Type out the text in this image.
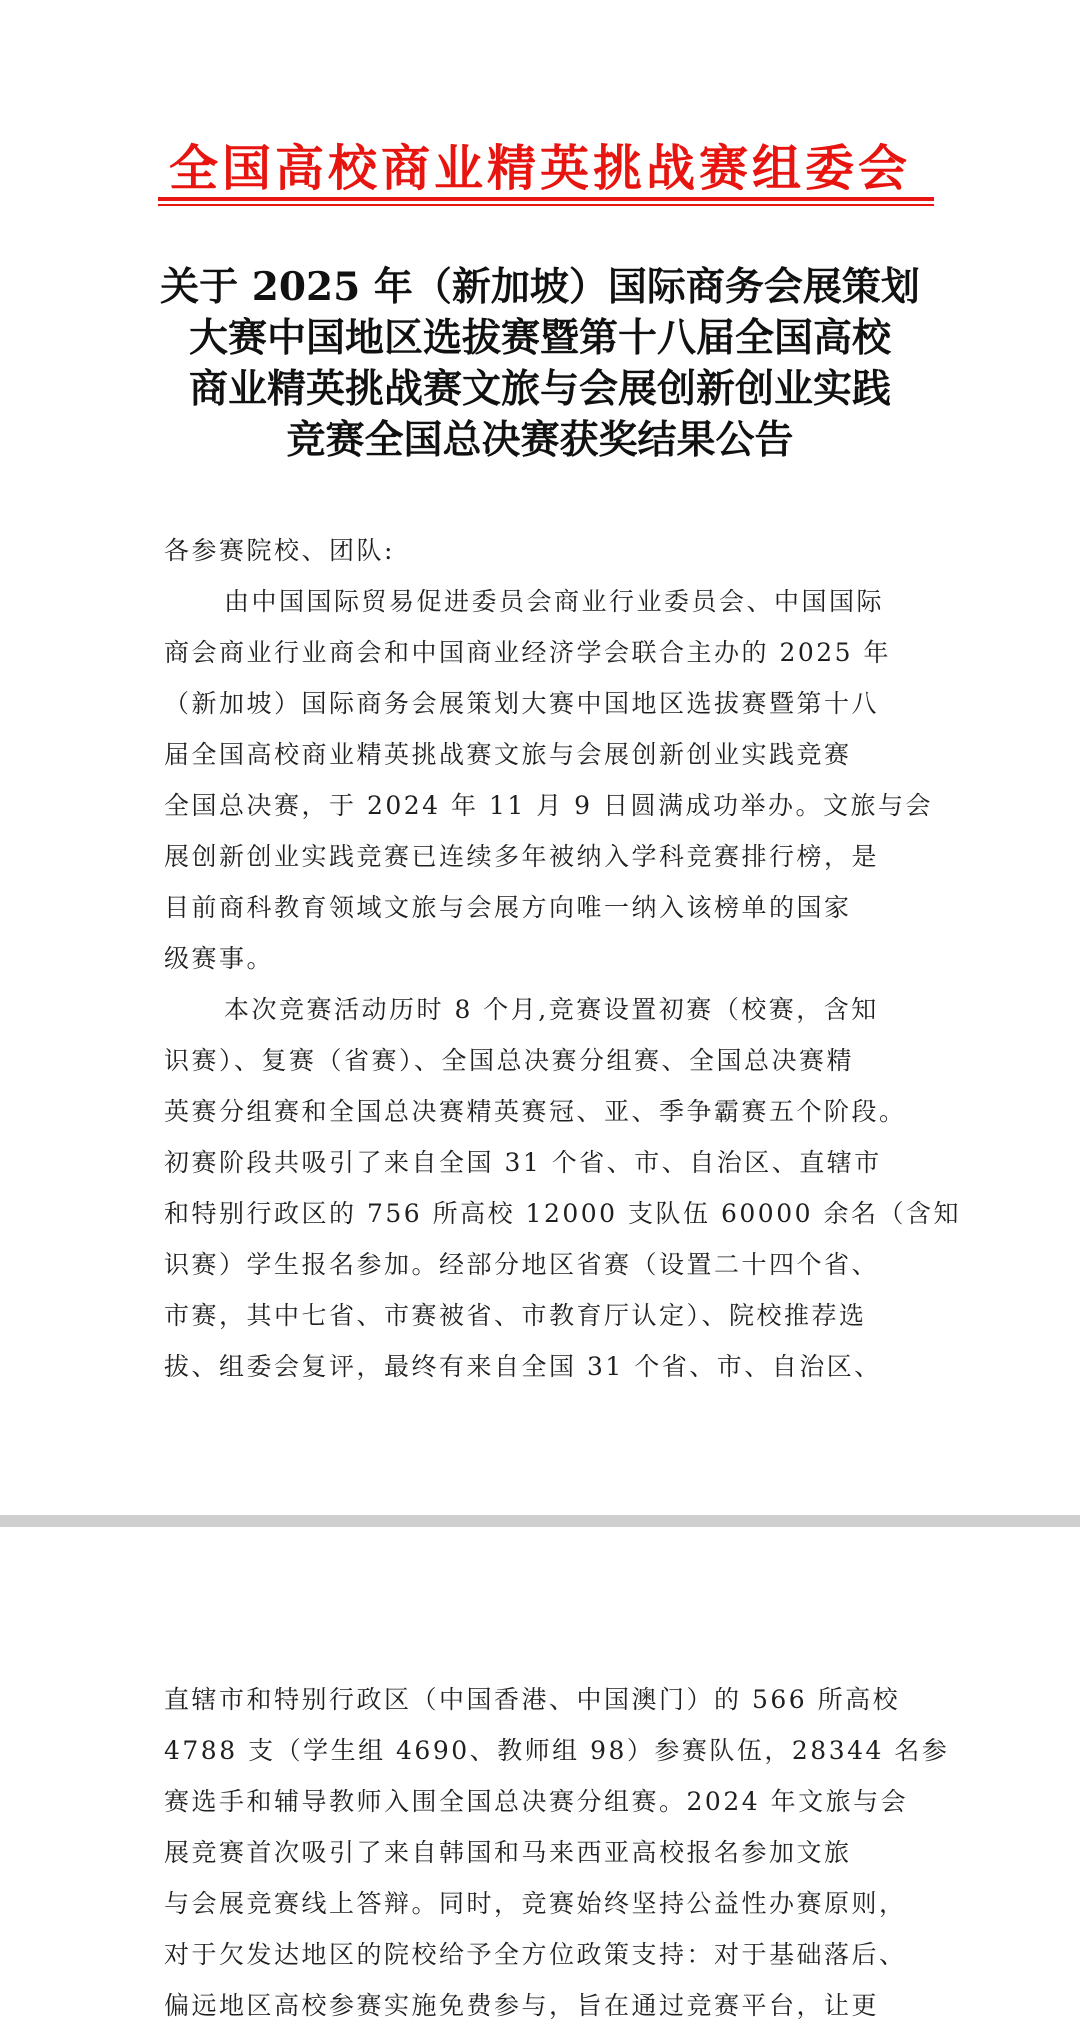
全国高校商业精英挑战赛组委会
关于 2025 年（新加坡）国际商务会展策划
大赛中国地区选拔赛暨第十八届全国高校
商业精英挑战赛文旅与会展创新创业实践
竞赛全国总决赛获奖结果公告
各参赛院校、团队:
由中国国际贸易促进委员会商业行业委员会、中国国际
商会商业行业商会和中国商业经济学会联合主办的 2025 年
（新加坡）国际商务会展策划大赛中国地区选拔赛暨第十八
届全国高校商业精英挑战赛文旅与会展创新创业实践竞赛
全国总决赛，于 2024 年 11 月 9 日圆满成功举办。文旅与会
展创新创业实践竞赛已连续多年被纳入学科竞赛排行榜，是
目前商科教育领域文旅与会展方向唯一纳入该榜单的国家
级赛事。
本次竞赛活动历时 8 个月,竞赛设置初赛（校赛，含知
识赛）、复赛（省赛）、全国总决赛分组赛、全国总决赛精
英赛分组赛和全国总决赛精英赛冠、亚、季争霸赛五个阶段。
初赛阶段共吸引了来自全国 31 个省、市、自治区、直辖市
和特别行政区的 756 所高校 12000 支队伍 60000 余名（含知
识赛）学生报名参加。经部分地区省赛（设置二十四个省、
市赛，其中七省、市赛被省、市教育厅认定）、院校推荐选
拔、组委会复评，最终有来自全国 31 个省、市、自治区、
直辖市和特别行政区（中国香港、中国澳门）的 566 所高校
4788 支（学生组 4690、教师组 98）参赛队伍，28344 名参
赛选手和辅导教师入围全国总决赛分组赛。2024 年文旅与会
展竞赛首次吸引了来自韩国和马来西亚高校报名参加文旅
与会展竞赛线上答辩。同时，竞赛始终坚持公益性办赛原则，
对于欠发达地区的院校给予全方位政策支持：对于基础落后、
偏远地区高校参赛实施免费参与，旨在通过竞赛平台，让更
